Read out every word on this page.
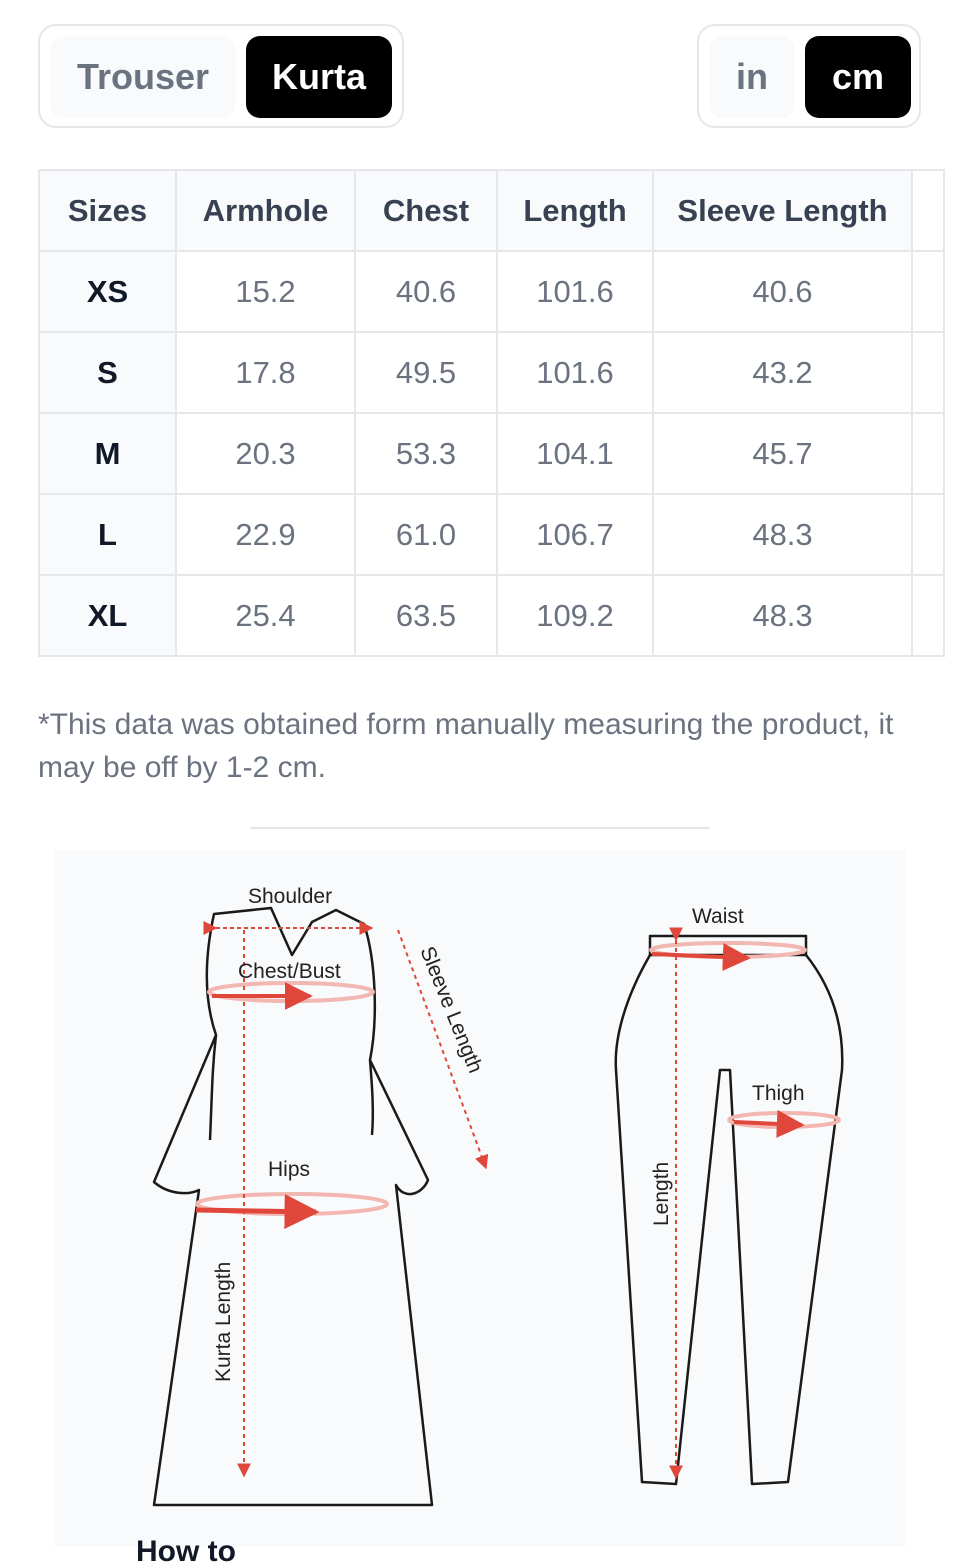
Trouser	Kurta	in	cm
Sizes	Armhole	Chest	Length	Sleeve Length	
XS	15.2	40.6	101.6	40.6	
S	17.8	49.5	101.6	43.2	
M	20.3	53.3	104.1	45.7	
L	22.9	61.0	106.7	48.3	
XL	25.4	63.5	109.2	48.3	

*This data was obtained form manually measuring the product, it may be off by 1-2 cm.

Shoulder
Chest/Bust
Hips
Sleeve Length
Kurta Length
Waist
Thigh
Length
How to
